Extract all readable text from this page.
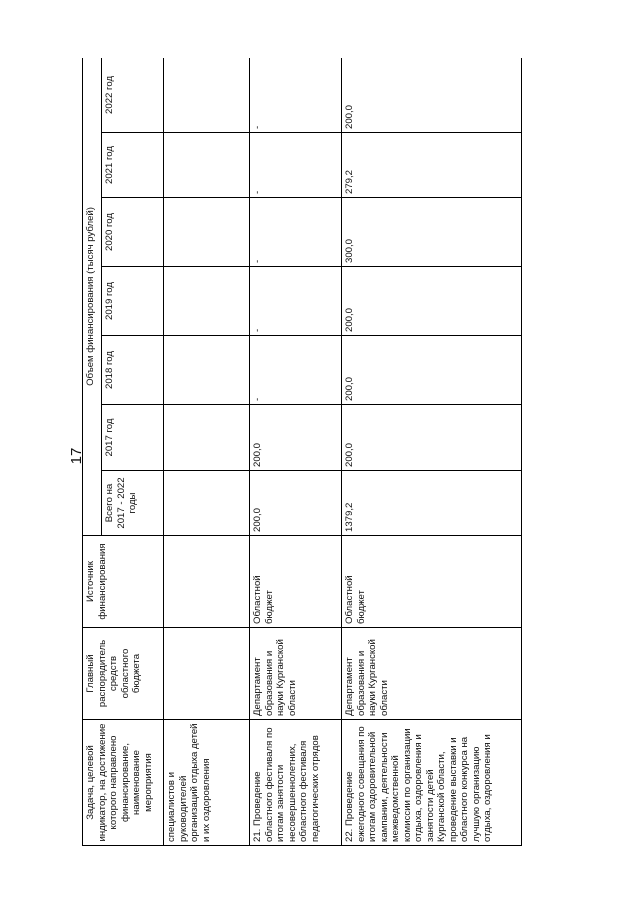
17
Задача, целевой индикатор, на достижение которого направлено финансирование, наименование мероприятия	Главный распорядитель средств областного бюджета	Источник финансирования	Объем финансирования (тысяч рублей)						
			Всего на 2017 - 2022 годы	2017 год	2018 год	2019 год	2020 год	2021 год	2022 год
специалистов и руководителей организаций отдыха детей и их оздоровления									
21. Проведение областного фестиваля по итогам занятости несовершеннолетних, областного фестиваля педагогических отрядов	Департамент образования и науки Курганской области	Областной бюджет	200,0	200,0	-	-	-	-	-
22. Проведение ежегодного совещания по итогам оздоровительной кампании, деятельности межведомственной комиссии по организации отдыха, оздоровления и занятости детей Курганской области, проведение выставки и областного конкурса на лучшую организацию отдыха, оздоровления и	Департамент образования и науки Курганской области	Областной бюджет	1379,2	200,0	200,0	200,0	300,0	279,2	200,0
